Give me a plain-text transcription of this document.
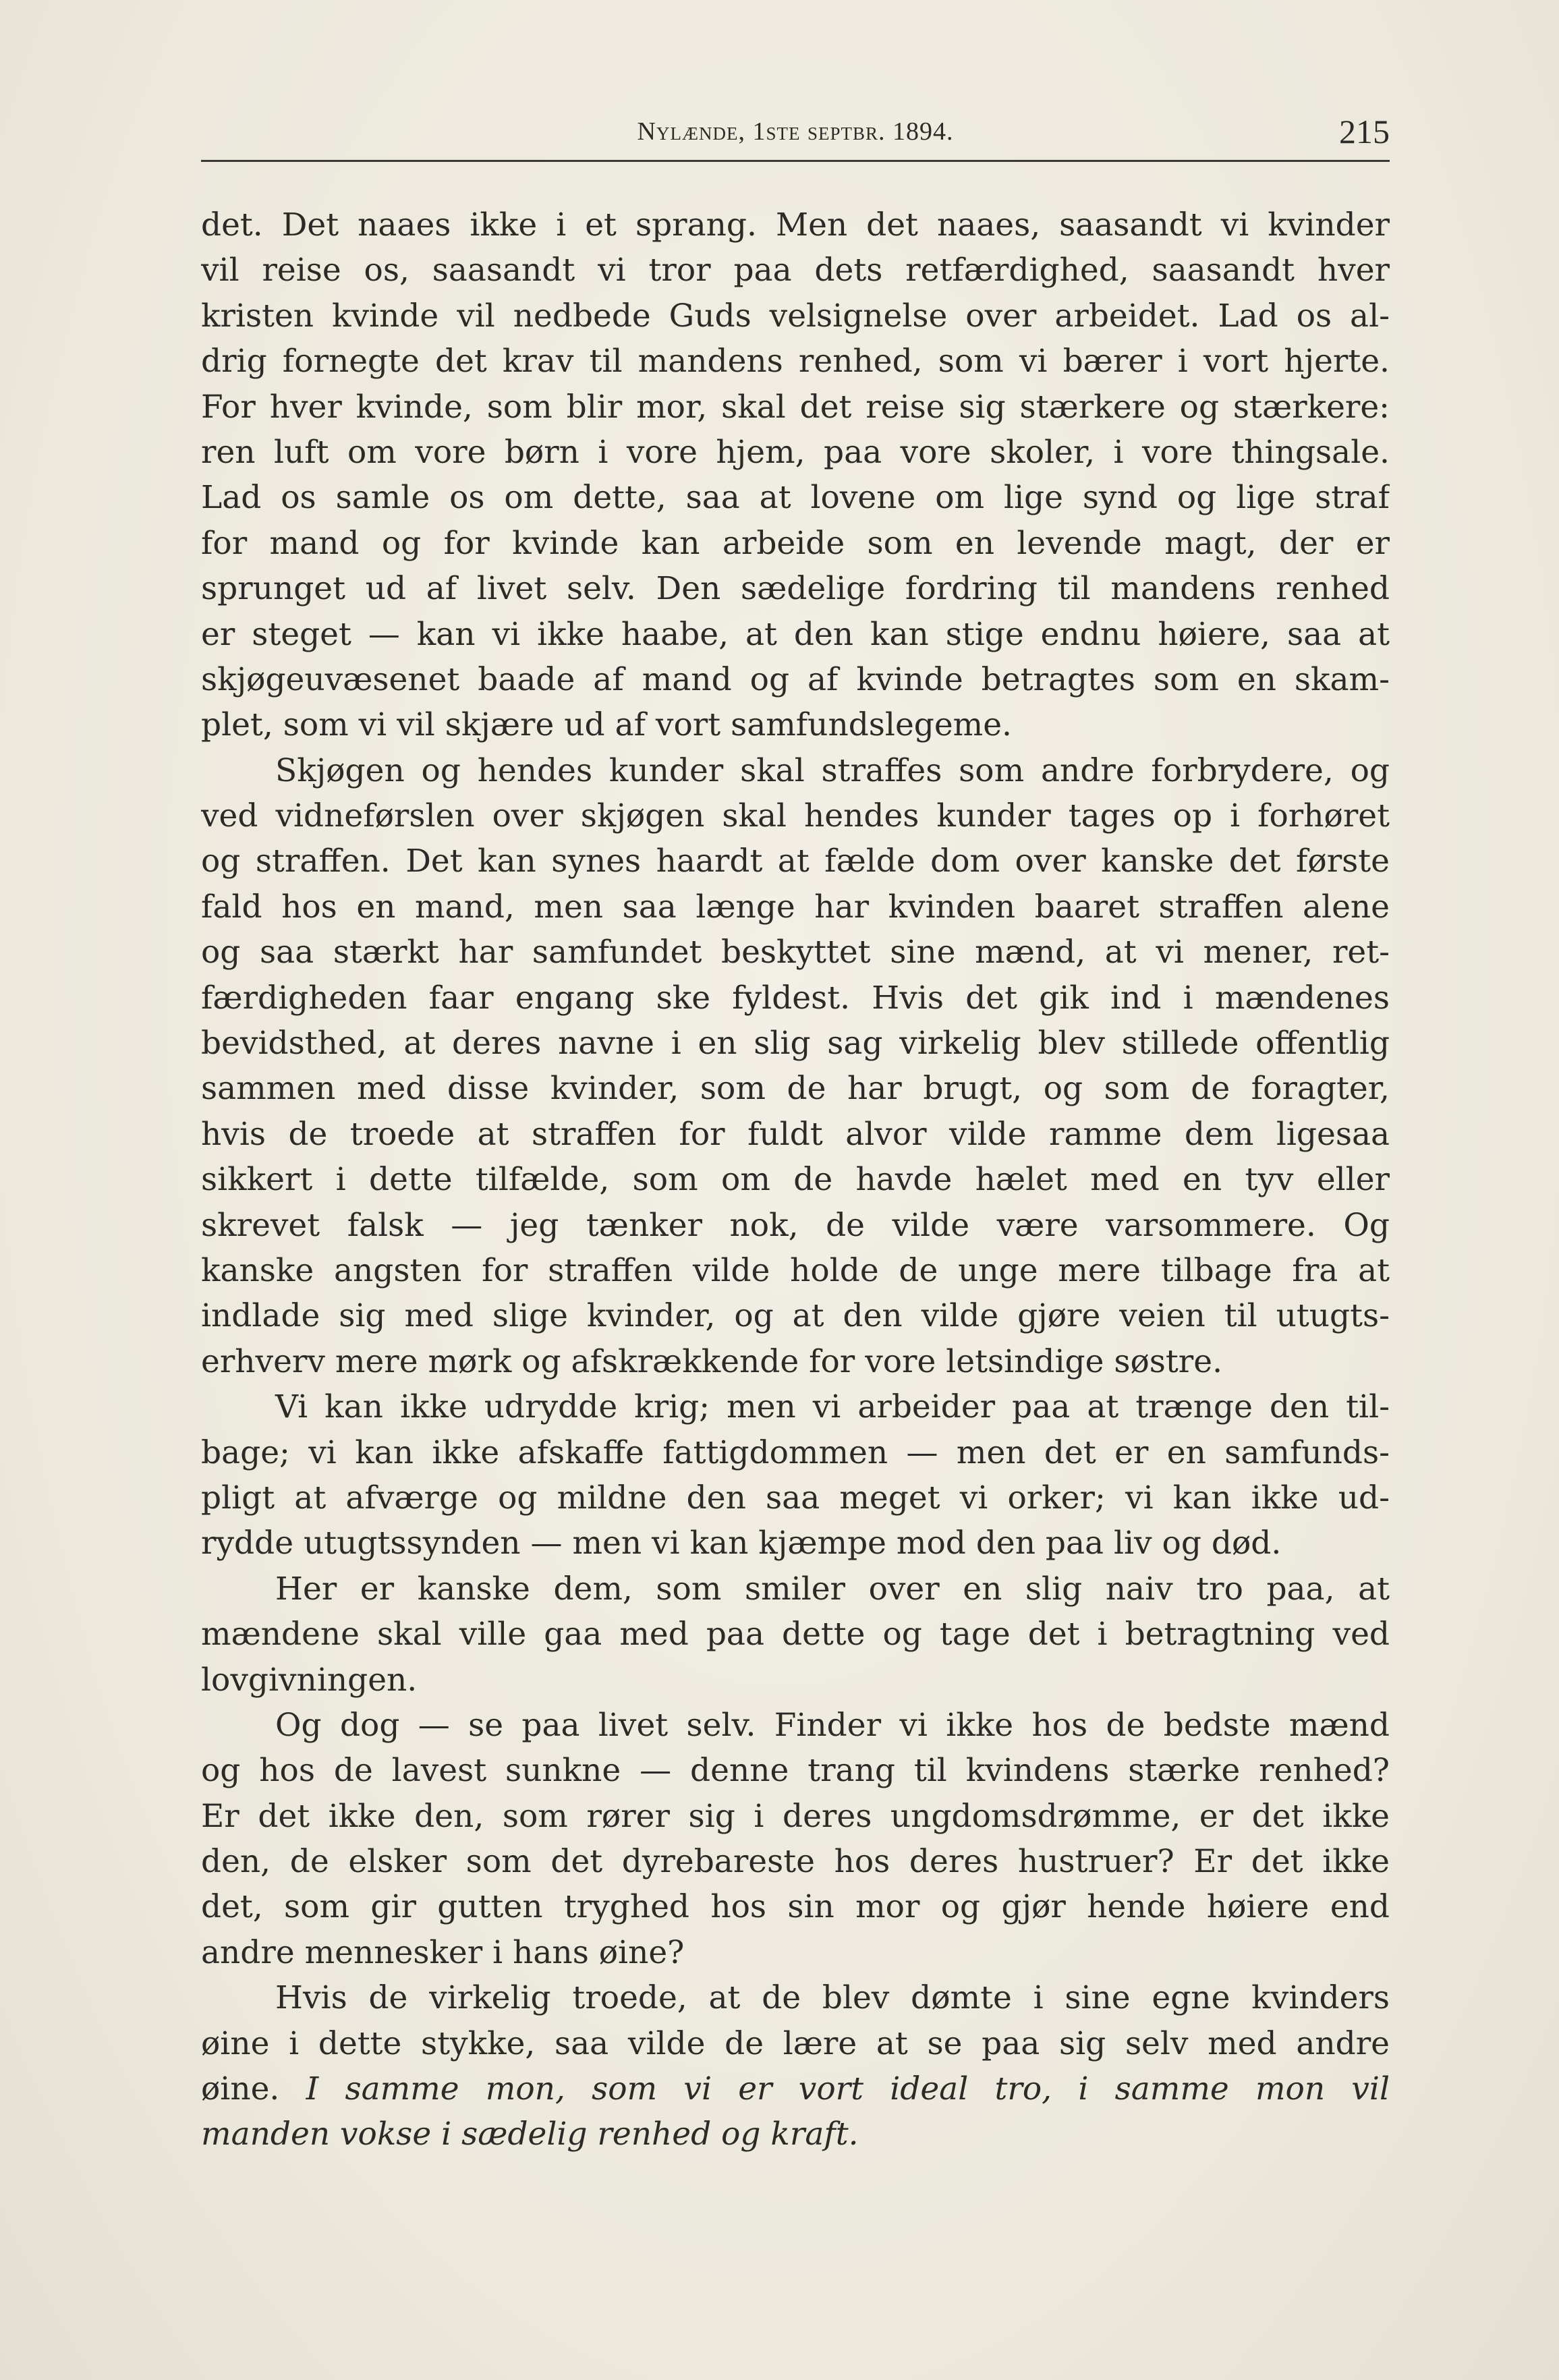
Nylænde, 1ste septbr. 1894.	215
det. Det naaes ikke i et sprang. Men det naaes, saasandt vi kvinder
vil reise os, saasandt vi tror paa dets retfærdighed, saasandt hver
kristen kvinde vil nedbede Guds velsignelse over arbeidet. Lad os al-
drig fornegte det krav til mandens renhed, som vi bærer i vort hjerte.
For hver kvinde, som blir mor, skal det reise sig stærkere og stærkere:
ren luft om vore børn i vore hjem, paa vore skoler, i vore thingsale.
Lad os samle os om dette, saa at lovene om lige synd og lige straf
for mand og for kvinde kan arbeide som en levende magt, der er
sprunget ud af livet selv. Den sædelige fordring til mandens renhed
er steget — kan vi ikke haabe, at den kan stige endnu høiere, saa at
skjøgeuvæsenet baade af mand og af kvinde betragtes som en skam-
plet, som vi vil skjære ud af vort samfundslegeme.
Skjøgen og hendes kunder skal straffes som andre forbrydere, og
ved vidneførslen over skjøgen skal hendes kunder tages op i forhøret
og straffen. Det kan synes haardt at fælde dom over kanske det første
fald hos en mand, men saa længe har kvinden baaret straffen alene
og saa stærkt har samfundet beskyttet sine mænd, at vi mener, ret-
færdigheden faar engang ske fyldest. Hvis det gik ind i mændenes
bevidsthed, at deres navne i en slig sag virkelig blev stillede offentlig
sammen med disse kvinder, som de har brugt, og som de foragter,
hvis de troede at straffen for fuldt alvor vilde ramme dem ligesaa
sikkert i dette tilfælde, som om de havde hælet med en tyv eller
skrevet falsk — jeg tænker nok, de vilde være varsommere. Og
kanske angsten for straffen vilde holde de unge mere tilbage fra at
indlade sig med slige kvinder, og at den vilde gjøre veien til utugts-
erhverv mere mørk og afskrækkende for vore letsindige søstre.
Vi kan ikke udrydde krig; men vi arbeider paa at trænge den til-
bage; vi kan ikke afskaffe fattigdommen — men det er en samfunds-
pligt at afværge og mildne den saa meget vi orker; vi kan ikke ud-
rydde utugtssynden — men vi kan kjæmpe mod den paa liv og død.
Her er kanske dem, som smiler over en slig naiv tro paa, at
mændene skal ville gaa med paa dette og tage det i betragtning ved
lovgivningen.
Og dog — se paa livet selv. Finder vi ikke hos de bedste mænd
og hos de lavest sunkne — denne trang til kvindens stærke renhed?
Er det ikke den, som rører sig i deres ungdomsdrømme, er det ikke
den, de elsker som det dyrebareste hos deres hustruer? Er det ikke
det, som gir gutten tryghed hos sin mor og gjør hende høiere end
andre mennesker i hans øine?
Hvis de virkelig troede, at de blev dømte i sine egne kvinders
øine i dette stykke, saa vilde de lære at se paa sig selv med andre
øine. I samme mon, som vi er vort ideal tro, i samme mon vil
manden vokse i sædelig renhed og kraft.
